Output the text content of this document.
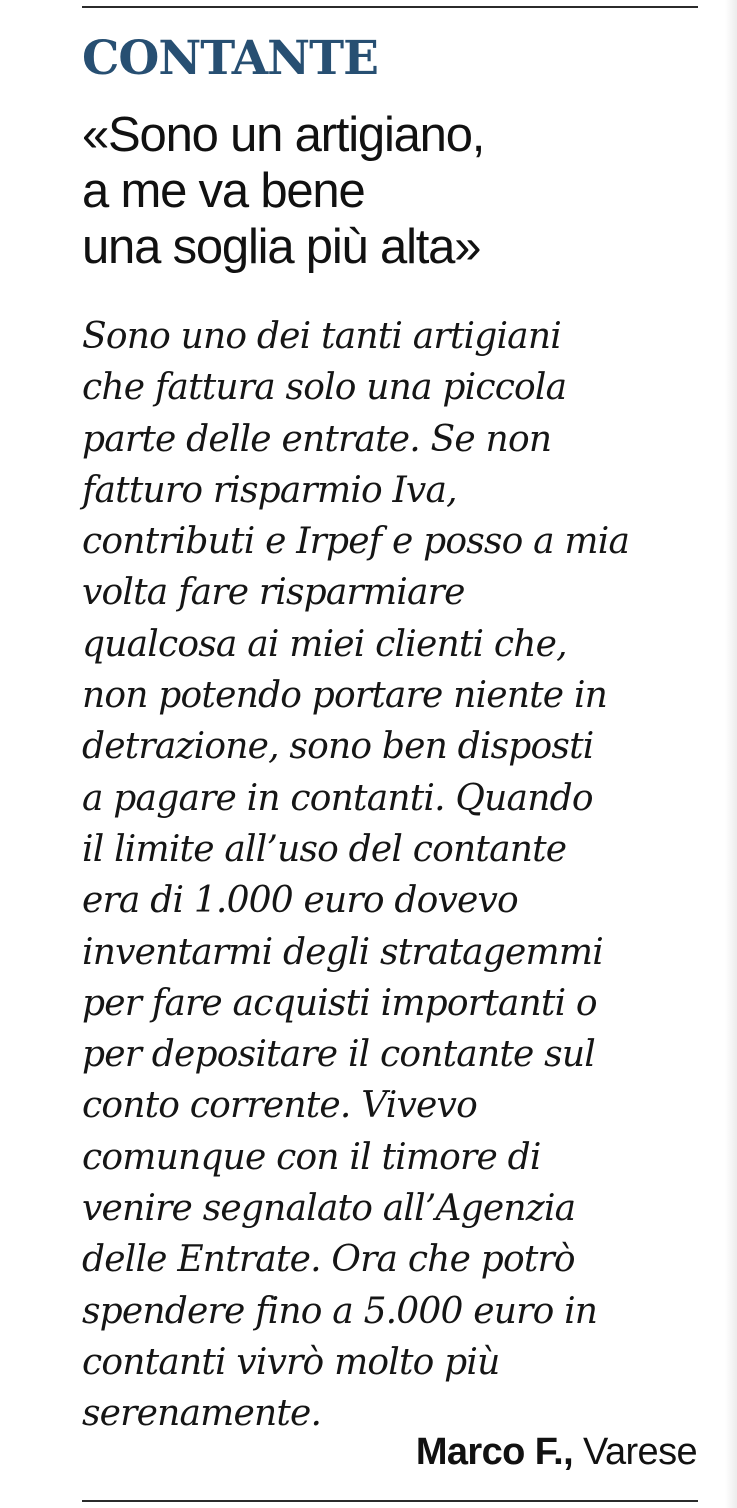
CONTANTE
«Sono un artigiano,
a me va bene
una soglia più alta»
Sono uno dei tanti artigiani
che fattura solo una piccola
parte delle entrate. Se non
fatturo risparmio Iva,
contributi e Irpef e posso a mia
volta fare risparmiare
qualcosa ai miei clienti che,
non potendo portare niente in
detrazione, sono ben disposti
a pagare in contanti. Quando
il limite all’uso del contante
era di 1.000 euro dovevo
inventarmi degli stratagemmi
per fare acquisti importanti o
per depositare il contante sul
conto corrente. Vivevo
comunque con il timore di
venire segnalato all’Agenzia
delle Entrate. Ora che potrò
spendere fino a 5.000 euro in
contanti vivrò molto più
serenamente.
Marco F., Varese
